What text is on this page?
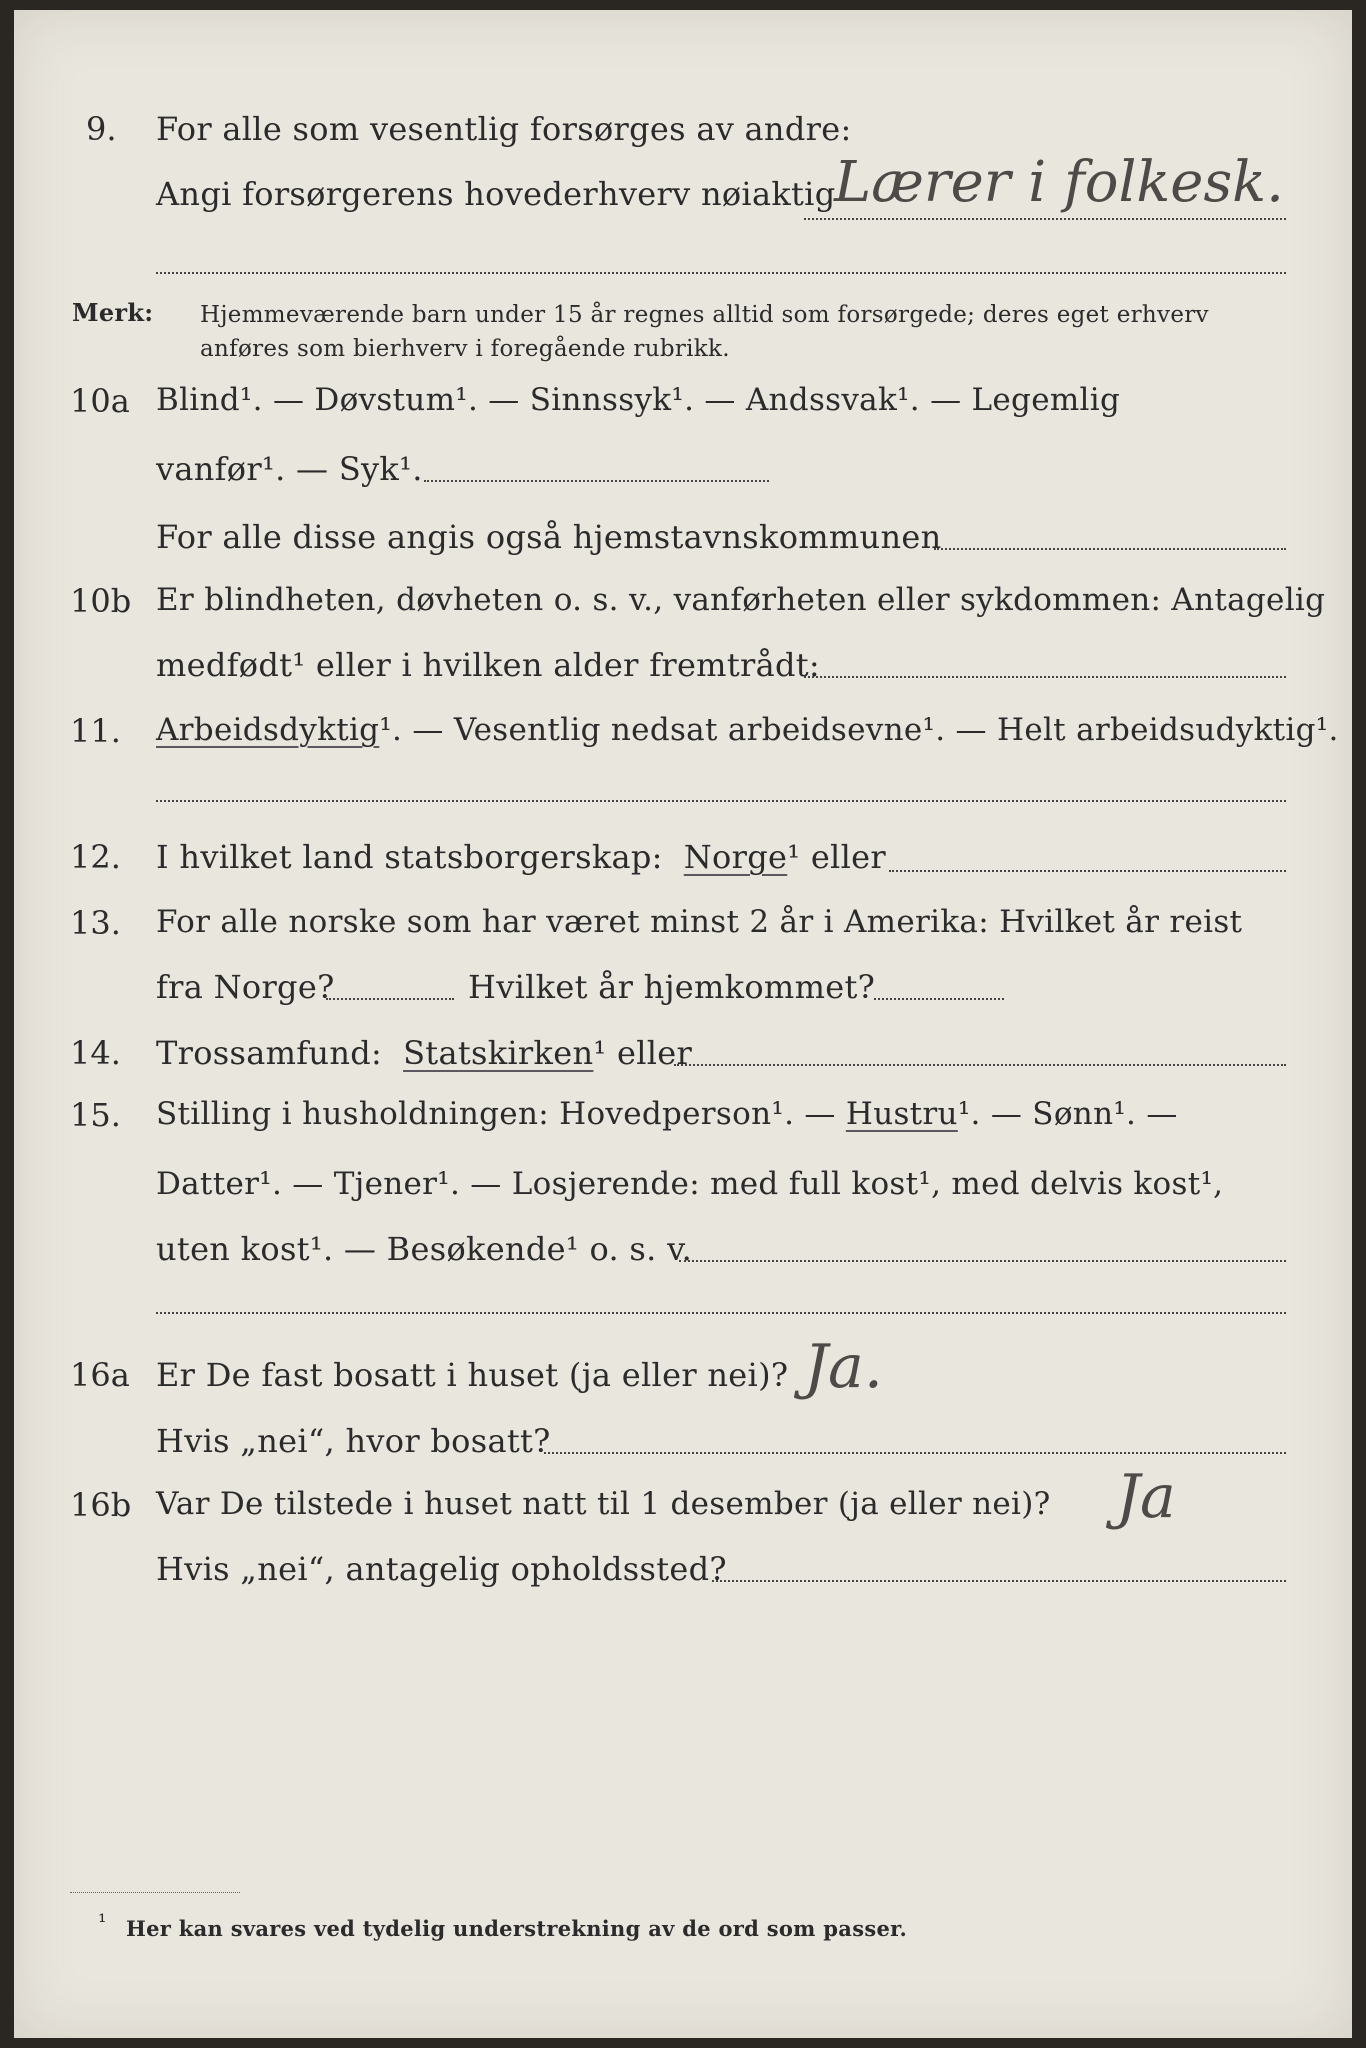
9. For alle som vesentlig forsørges av andre:
Angi forsørgerens hovederhverv nøiaktig
Lærer i folkesk.
Merk: Hjemmeværende barn under 15 år regnes alltid som forsørgede; deres eget erhverv
anføres som bierhverv i foregående rubrikk.
10a Blind¹. — Døvstum¹. — Sinnssyk¹. — Andssvak¹. — Legemlig
vanfør¹. — Syk¹.
For alle disse angis også hjemstavnskommunen
10b Er blindheten, døvheten o. s. v., vanførheten eller sykdommen: Antagelig
medfødt¹ eller i hvilken alder fremtrådt:
11. Arbeidsdyktig¹. — Vesentlig nedsat arbeidsevne¹. — Helt arbeidsudyktig¹.
12. I hvilket land statsborgerskap: Norge¹ eller
13. For alle norske som har været minst 2 år i Amerika: Hvilket år reist
fra Norge?	Hvilket år hjemkommet?
14. Trossamfund: Statskirken¹ eller
15. Stilling i husholdningen: Hovedperson¹. — Hustru¹. — Sønn¹. —
Datter¹. — Tjener¹. — Losjerende: med full kost¹, med delvis kost¹,
uten kost¹. — Besøkende¹ o. s. v.
16a Er De fast bosatt i huset (ja eller nei)? Ja.
Hvis „nei“, hvor bosatt?
16b Var De tilstede i huset natt til 1 desember (ja eller nei)? Ja
Hvis „nei“, antagelig opholdssted?
¹ Her kan svares ved tydelig understrekning av de ord som passer.
